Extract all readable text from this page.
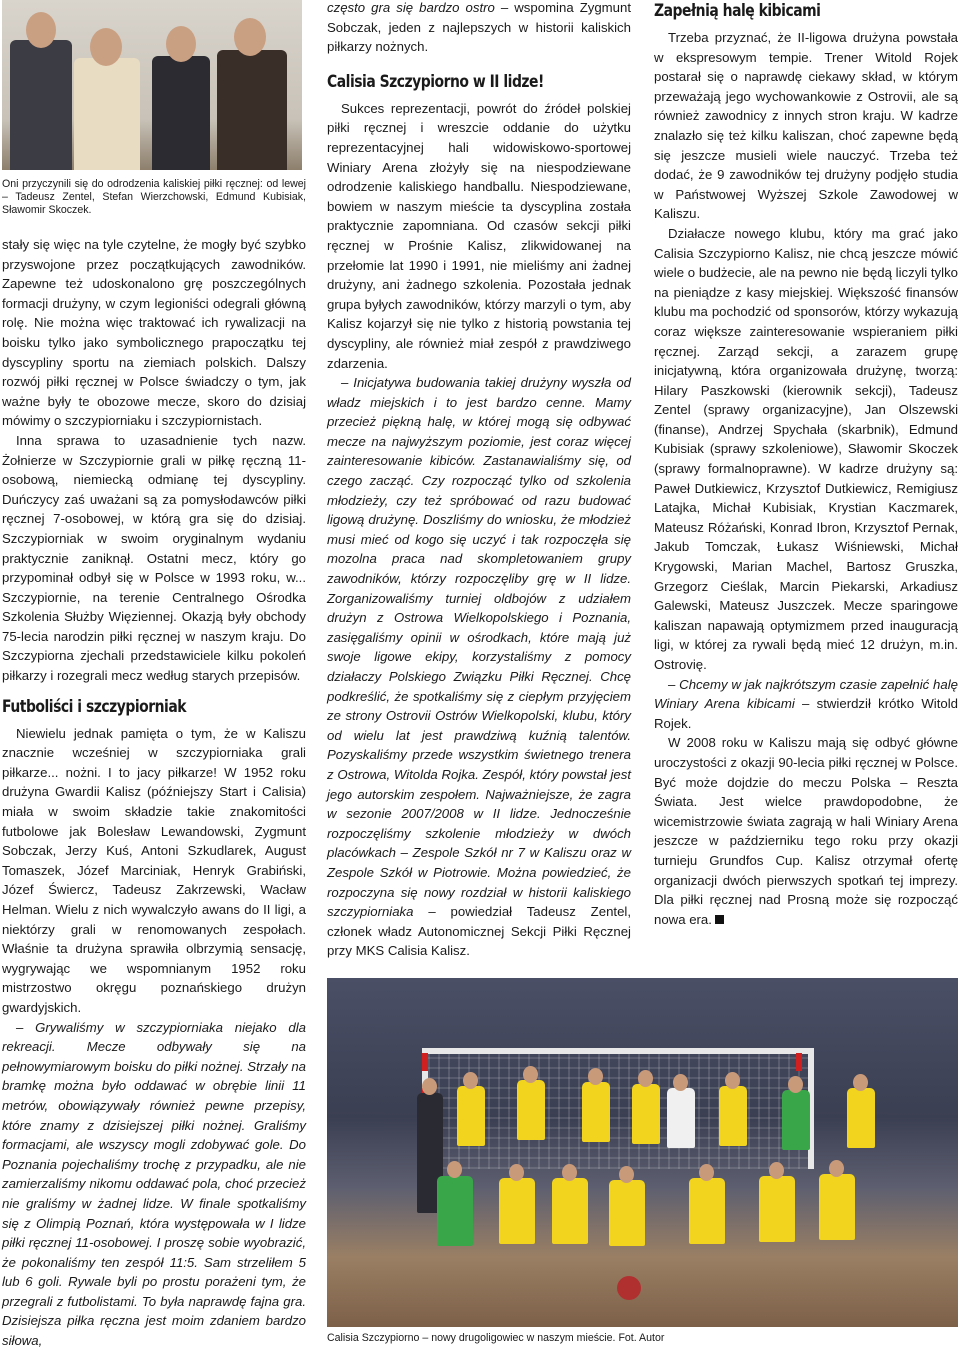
Oni przyczynili się do odrodzenia kaliskiej piłki ręcznej: od lewej – Tadeusz Zentel, Stefan Wierzchowski, Edmund Kubisiak, Sławomir Skoczek.

stały się więc na tyle czytelne, że mogły być szybko przyswojone przez początkujących zawodników. Zapewne też udoskonalono grę poszczególnych formacji drużyny, w czym legioniści odegrali główną rolę. Nie można więc traktować ich rywalizacji na boisku tylko jako symbolicznego prapoczątku tej dyscypliny sportu na ziemiach polskich. Dalszy rozwój piłki ręcznej w Polsce świadczy o tym, jak ważne były te obozowe mecze, skoro do dzisiaj mówimy o szczypiorniaku i szczypiornistach.

Inna sprawa to uzasadnienie tych nazw. Żołnierze w Szczypiornie grali w piłkę ręczną 11-osobową, niemiecką odmianę tej dyscypliny. Duńczycy zaś uważani są za pomysłodawców piłki ręcznej 7-osobowej, w którą gra się do dzisiaj. Szczypiorniak w swoim oryginalnym wydaniu praktycznie zaniknął. Ostatni mecz, który go przypominał odbył się w Polsce w 1993 roku, w... Szczypiornie, na terenie Centralnego Ośrodka Szkolenia Służby Więziennej. Okazją były obchody 75-lecia narodzin piłki ręcznej w naszym kraju. Do Szczypiorna zjechali przedstawiciele kilku pokoleń piłkarzy i rozegrali mecz według starych przepisów.

Futboliści i szczypiorniak

Niewielu jednak pamięta o tym, że w Kaliszu znacznie wcześniej w szczypiorniaka grali piłkarze... nożni. I to jacy piłkarze! W 1952 roku drużyna Gwardii Kalisz (późniejszy Start i Calisia) miała w swoim składzie takie znakomitości futbolowe jak Bolesław Lewandowski, Zygmunt Sobczak, Jerzy Kuś, Antoni Szkudlarek, August Tomaszek, Józef Marciniak, Henryk Grabiński, Józef Świercz, Tadeusz Zakrzewski, Wacław Helman. Wielu z nich wywalczyło awans do II ligi, a niektórzy grali w renomowanych zespołach. Właśnie ta drużyna sprawiła olbrzymią sensację, wygrywając we wspomnianym 1952 roku mistrzostwo okręgu poznańskiego drużyn gwardyjskich.

– Grywaliśmy w szczypiorniaka niejako dla rekreacji. Mecze odbywały się na pełnowymiarowym boisku do piłki nożnej. Strzały na bramkę można było oddawać w obrębie linii 11 metrów, obowiązywały również pewne przepisy, które znamy z dzisiejszej piłki nożnej. Graliśmy formacjami, ale wszyscy mogli zdobywać gole. Do Poznania pojechaliśmy trochę z przypadku, ale nie zamierzaliśmy nikomu oddawać pola, choć przecież nie graliśmy w żadnej lidze. W finale spotkaliśmy się z Olimpią Poznań, która występowała w I lidze piłki ręcznej 11-osobowej. I proszę sobie wyobrazić, że pokonaliśmy ten zespół 11:5. Sam strzeliłem 5 lub 6 goli. Rywale byli po prostu porażeni tym, że przegrali z futbolistami. To była naprawdę fajna gra. Dzisiejsza piłka ręczna jest moim zdaniem bardzo siłowa,

często gra się bardzo ostro – wspomina Zygmunt Sobczak, jeden z najlepszych w historii kaliskich piłkarzy nożnych.

Calisia Szczypiorno w II lidze!

Sukces reprezentacji, powrót do źródeł polskiej piłki ręcznej i wreszcie oddanie do użytku reprezentacyjnej hali widowiskowo-sportowej Winiary Arena złożyły się na niespodziewane odrodzenie kaliskiego handballu. Niespodziewane, bowiem w naszym mieście ta dyscyplina została praktycznie zapomniana. Od czasów sekcji piłki ręcznej w Prośnie Kalisz, zlikwidowanej na przełomie lat 1990 i 1991, nie mieliśmy ani żadnej drużyny, ani żadnego szkolenia. Pozostała jednak grupa byłych zawodników, którzy marzyli o tym, aby Kalisz kojarzył się nie tylko z historią powstania tej dyscypliny, ale również miał zespół z prawdziwego zdarzenia.

– Inicjatywa budowania takiej drużyny wyszła od władz miejskich i to jest bardzo cenne. Mamy przecież piękną halę, w której mogą się odbywać mecze na najwyższym poziomie, jest coraz więcej zainteresowanie kibiców. Zastanawialiśmy się, od czego zacząć. Czy rozpocząć tylko od szkolenia młodzieży, czy też spróbować od razu budować ligową drużynę. Doszliśmy do wniosku, że młodzież musi mieć od kogo się uczyć i tak rozpoczęła się mozolna praca nad skompletowaniem grupy zawodników, którzy rozpoczęliby grę w II lidze. Zorganizowaliśmy turniej oldbojów z udziałem drużyn z Ostrowa Wielkopolskiego i Poznania, zasięgaliśmy opinii w ośrodkach, które mają już swoje ligowe ekipy, korzystaliśmy z pomocy działaczy Polskiego Związku Piłki Ręcznej. Chcę podkreślić, że spotkaliśmy się z ciepłym przyjęciem ze strony Ostrovii Ostrów Wielkopolski, klubu, który od wielu lat jest prawdziwą kuźnią talentów. Pozyskaliśmy przede wszystkim świetnego trenera z Ostrowa, Witolda Rojka. Zespół, który powstał jest jego autorskim zespołem. Najważniejsze, że zagra w sezonie 2007/2008 w II lidze. Jednocześnie rozpoczęliśmy szkolenie młodzieży w dwóch placówkach – Zespole Szkół nr 7 w Kaliszu oraz w Zespole Szkół w Piotrowie. Można powiedzieć, że rozpoczyna się nowy rozdział w historii kaliskiego szczypiorniaka – powiedział Tadeusz Zentel, członek władz Autonomicznej Sekcji Piłki Ręcznej przy MKS Calisia Kalisz.

Zapełnią halę kibicami

Trzeba przyznać, że II-ligowa drużyna powstała w ekspresowym tempie. Trener Witold Rojek postarał się o naprawdę ciekawy skład, w którym przeważają jego wychowankowie z Ostrovii, ale są również zawodnicy z innych stron kraju. W kadrze znalazło się też kilku kaliszan, choć zapewne będą się jeszcze musieli wiele nauczyć. Trzeba też dodać, że 9 zawodników tej drużyny podjęło studia w Państwowej Wyższej Szkole Zawodowej w Kaliszu.

Działacze nowego klubu, który ma grać jako Calisia Szczypiorno Kalisz, nie chcą jeszcze mówić wiele o budżecie, ale na pewno nie będą liczyli tylko na pieniądze z kasy miejskiej. Większość finansów klubu ma pochodzić od sponsorów, którzy wykazują coraz większe zainteresowanie wspieraniem piłki ręcznej. Zarząd sekcji, a zarazem grupę inicjatywną, która organizowała drużynę, tworzą: Hilary Paszkowski (kierownik sekcji), Tadeusz Zentel (sprawy organizacyjne), Jan Olszewski (finanse), Andrzej Spychała (skarbnik), Edmund Kubisiak (sprawy szkoleniowe), Sławomir Skoczek (sprawy formalnoprawne). W kadrze drużyny są: Paweł Dutkiewicz, Krzysztof Dutkiewicz, Remigiusz Latajka, Michał Kubisiak, Krystian Kaczmarek, Mateusz Różański, Konrad Ibron, Krzysztof Pernak, Jakub Tomczak, Łukasz Wiśniewski, Michał Krygowski, Marian Machel, Bartosz Gruszka, Grzegorz Cieślak, Marcin Piekarski, Arkadiusz Galewski, Mateusz Juszczek. Mecze sparingowe kaliszan napawają optymizmem przed inauguracją ligi, w której za rywali będą mieć 12 drużyn, m.in. Ostrovię.

– Chcemy w jak najkrótszym czasie zapełnić halę Winiary Arena kibicami – stwierdził krótko Witold Rojek.

W 2008 roku w Kaliszu mają się odbyć główne uroczystości z okazji 90-lecia piłki ręcznej w Polsce. Być może dojdzie do meczu Polska – Reszta Świata. Jest wielce prawdopodobne, że wicemistrzowie świata zagrają w hali Winiary Arena jeszcze w październiku tego roku przy okazji turnieju Grundfos Cup. Kalisz otrzymał ofertę organizacji dwóch pierwszych spotkań tej imprezy. Dla piłki ręcznej nad Prosną może się rozpocząć nowa era.

Calisia Szczypiorno – nowy drugoligowiec w naszym mieście. Fot. Autor
